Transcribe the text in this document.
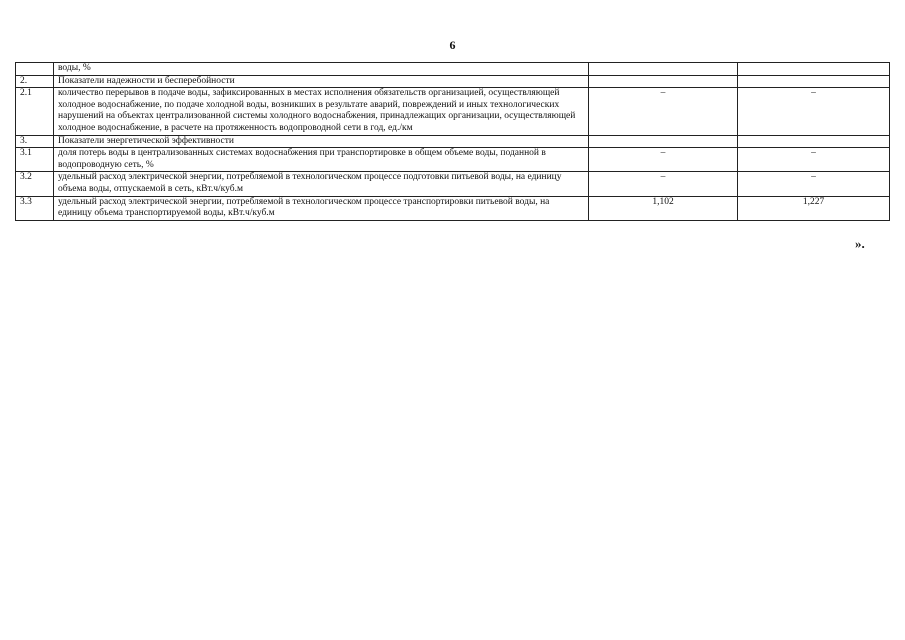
6
	воды, %		
2.	Показатели надежности и бесперебойности		
2.1	количество перерывов в подаче воды, зафиксированных в местах исполнения обязательств организацией, осуществляющей холодное водоснабжение, по подаче холодной воды, возникших в результате аварий, повреждений и иных технологических нарушений на объектах централизованной системы холодного водоснабжения, принадлежащих организации, осуществляющей холодное водоснабжение, в расчете на протяженность водопроводной сети в год, ед./км	–	–
3.	Показатели энергетической эффективности		
3.1	доля потерь воды в централизованных системах водоснабжения при транспортировке в общем объеме воды, поданной в водопроводную сеть, %	–	–
3.2	удельный расход электрической энергии, потребляемой в технологическом процессе подготовки питьевой воды, на единицу объема воды, отпускаемой в сеть, кВт.ч/куб.м	–	–
3.3	удельный расход электрической энергии, потребляемой в технологическом процессе транспортировки питьевой воды, на единицу объема транспортируемой воды, кВт.ч/куб.м	1,102	1,227
».
